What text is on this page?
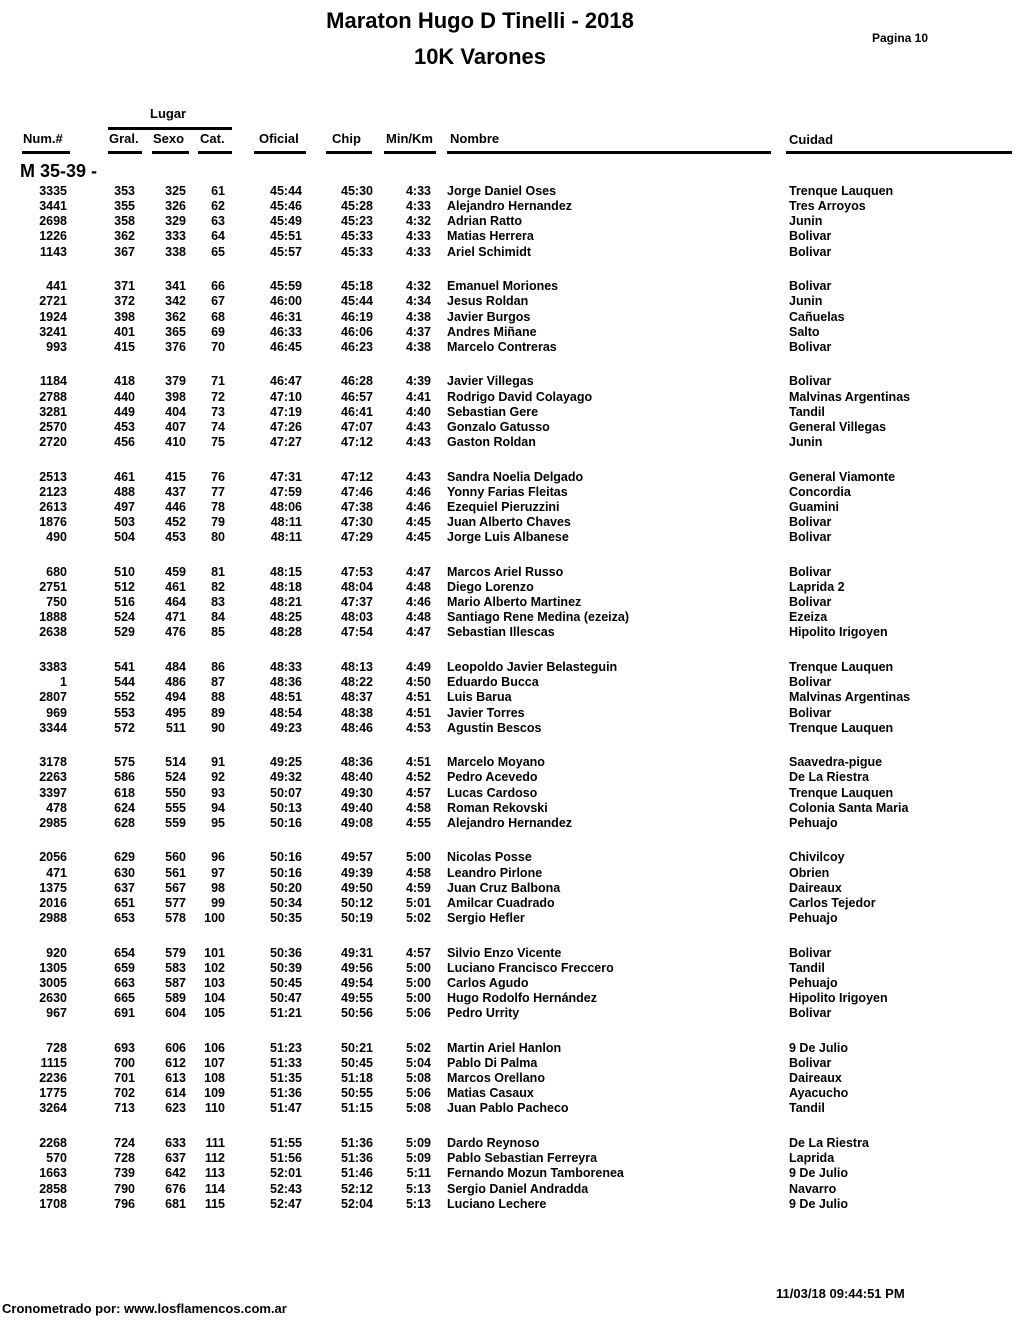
Maraton Hugo D Tinelli - 2018
10K Varones
Pagina 10
Lugar
Num.#	Gral. Sexo Cat.	Oficial	Chip Min/Km Nombre	Cuidad
M 35-39 -
3335	353 325 61	45:44	45:30	4:33 Jorge Daniel Oses	Trenque Lauquen
3441	355 326 62	45:46	45:28	4:33 Alejandro Hernandez	Tres Arroyos
2698	358 329 63	45:49	45:23	4:32 Adrian Ratto	Junin
1226	362 333 64	45:51	45:33	4:33 Matias Herrera	Bolivar
1143	367 338 65	45:57	45:33	4:33 Ariel Schimidt	Bolivar
441	371 341 66	45:59	45:18	4:32 Emanuel Moriones	Bolivar
2721	372 342 67	46:00	45:44	4:34 Jesus Roldan	Junin
1924	398 362 68	46:31	46:19	4:38 Javier Burgos	Cañuelas
3241	401 365 69	46:33	46:06	4:37 Andres Miñane	Salto
993	415 376 70	46:45	46:23	4:38 Marcelo Contreras	Bolivar
1184	418 379 71	46:47	46:28	4:39 Javier Villegas	Bolivar
2788	440 398 72	47:10	46:57	4:41 Rodrigo David Colayago	Malvinas Argentinas
3281	449 404 73	47:19	46:41	4:40 Sebastian Gere	Tandil
2570	453 407 74	47:26	47:07	4:43 Gonzalo Gatusso	General Villegas
2720	456 410 75	47:27	47:12	4:43 Gaston Roldan	Junin
2513	461 415 76	47:31	47:12	4:43 Sandra Noelia Delgado	General Viamonte
2123	488 437 77	47:59	47:46	4:46 Yonny Farias Fleitas	Concordia
2613	497 446 78	48:06	47:38	4:46 Ezequiel Pieruzzini	Guamini
1876	503 452 79	48:11	47:30	4:45 Juan Alberto Chaves	Bolivar
490	504 453 80	48:11	47:29	4:45 Jorge Luis Albanese	Bolivar
680	510 459 81	48:15	47:53	4:47 Marcos Ariel Russo	Bolivar
2751	512 461 82	48:18	48:04	4:48 Diego Lorenzo	Laprida 2
750	516 464 83	48:21	47:37	4:46 Mario Alberto Martinez	Bolivar
1888	524 471 84	48:25	48:03	4:48 Santiago Rene Medina (ezeiza)	Ezeiza
2638	529 476 85	48:28	47:54	4:47 Sebastian Illescas	Hipolito Irigoyen
3383	541 484 86	48:33	48:13	4:49 Leopoldo Javier Belasteguin	Trenque Lauquen
1	544 486 87	48:36	48:22	4:50 Eduardo Bucca	Bolivar
2807	552 494 88	48:51	48:37	4:51 Luis Barua	Malvinas Argentinas
969	553 495 89	48:54	48:38	4:51 Javier Torres	Bolivar
3344	572 511 90	49:23	48:46	4:53 Agustin Bescos	Trenque Lauquen
3178	575 514 91	49:25	48:36	4:51 Marcelo Moyano	Saavedra-pigue
2263	586 524 92	49:32	48:40	4:52 Pedro Acevedo	De La Riestra
3397	618 550 93	50:07	49:30	4:57 Lucas Cardoso	Trenque Lauquen
478	624 555 94	50:13	49:40	4:58 Roman Rekovski	Colonia Santa Maria
2985	628 559 95	50:16	49:08	4:55 Alejandro Hernandez	Pehuajo
2056	629 560 96	50:16	49:57	5:00 Nicolas Posse	Chivilcoy
471	630 561 97	50:16	49:39	4:58 Leandro Pirlone	Obrien
1375	637 567 98	50:20	49:50	4:59 Juan Cruz Balbona	Daireaux
2016	651 577 99	50:34	50:12	5:01 Amilcar Cuadrado	Carlos Tejedor
2988	653 578 100	50:35	50:19	5:02 Sergio Hefler	Pehuajo
920	654 579 101	50:36	49:31	4:57 Silvio Enzo Vicente	Bolivar
1305	659 583 102	50:39	49:56	5:00 Luciano Francisco Freccero	Tandil
3005	663 587 103	50:45	49:54	5:00 Carlos Agudo	Pehuajo
2630	665 589 104	50:47	49:55	5:00 Hugo Rodolfo Hernández	Hipolito Irigoyen
967	691 604 105	51:21	50:56	5:06 Pedro Urrity	Bolivar
728	693 606 106	51:23	50:21	5:02 Martin Ariel Hanlon	9 De Julio
1115	700 612 107	51:33	50:45	5:04 Pablo Di Palma	Bolivar
2236	701 613 108	51:35	51:18	5:08 Marcos Orellano	Daireaux
1775	702 614 109	51:36	50:55	5:06 Matias Casaux	Ayacucho
3264	713 623 110	51:47	51:15	5:08 Juan Pablo Pacheco	Tandil
2268	724 633 111	51:55	51:36	5:09 Dardo Reynoso	De La Riestra
570	728 637 112	51:56	51:36	5:09 Pablo Sebastian Ferreyra	Laprida
1663	739 642 113	52:01	51:46	5:11 Fernando Mozun Tamborenea	9 De Julio
2858	790 676 114	52:43	52:12	5:13 Sergio Daniel Andradda	Navarro
1708	796 681 115	52:47	52:04	5:13 Luciano Lechere	9 De Julio
11/03/18 09:44:51 PM
Cronometrado por: www.losflamencos.com.ar
